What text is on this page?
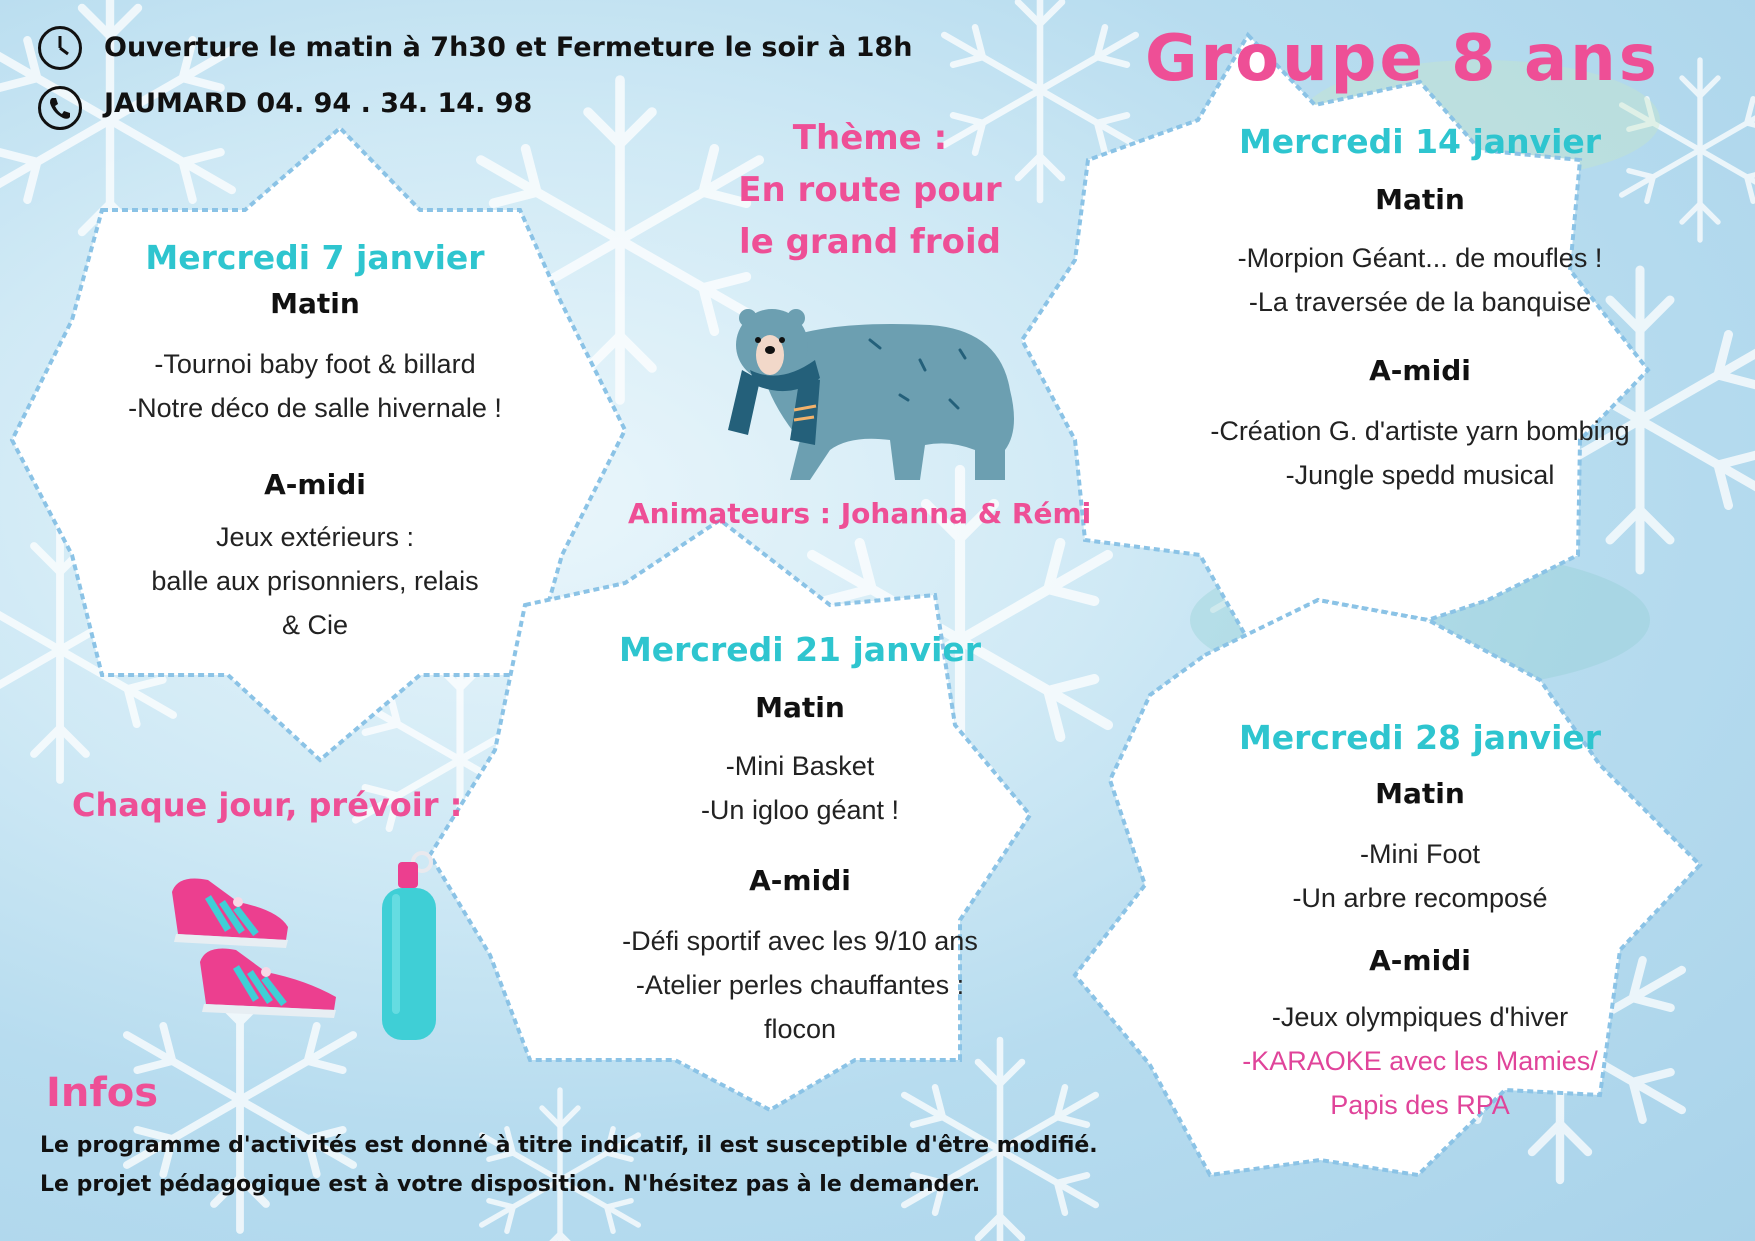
Ouverture le matin à 7h30 et Fermeture le soir à 18h
JAUMARD 04. 94 . 34. 14. 98
Groupe 8 ans
Thème :
En route pour
le grand froid
Animateurs : Johanna & Rémi
Mercredi 7 janvier
Matin
-Tournoi baby foot & billard
-Notre déco de salle hivernale !
A-midi
Jeux extérieurs :
balle aux prisonniers, relais
& Cie
Mercredi 14 janvier
Matin
-Morpion Géant... de moufles !
-La traversée de la banquise
A-midi
-Création G. d'artiste yarn bombing
-Jungle spedd musical
Mercredi 21 janvier
Matin
-Mini Basket
-Un igloo géant !
A-midi
-Défi sportif avec les 9/10 ans
-Atelier perles chauffantes :
flocon
Mercredi 28 janvier
Matin
-Mini Foot
-Un arbre recomposé
A-midi
-Jeux olympiques d'hiver
-KARAOKE avec les Mamies/
Papis des RPA
Chaque jour, prévoir :
Infos
Le programme d'activités est donné à titre indicatif, il est susceptible d'être modifié.
Le projet pédagogique est à votre disposition. N'hésitez pas à le demander.
